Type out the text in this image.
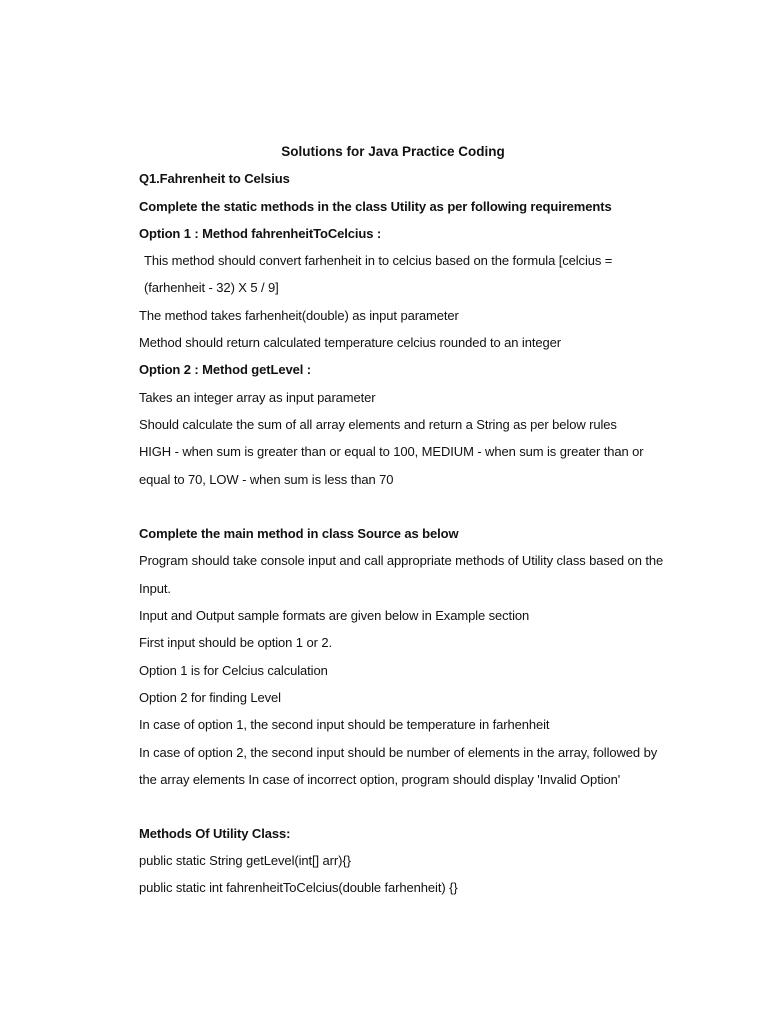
Solutions for Java Practice Coding
Q1.Fahrenheit to Celsius
Complete the static methods in the class Utility as per following requirements
Option 1 : Method fahrenheitToCelcius :
This method should convert farhenheit in to celcius based on the formula [celcius =
(farhenheit - 32) X 5 / 9]
The method takes farhenheit(double) as input parameter
Method should return calculated temperature celcius rounded to an integer
Option 2 : Method getLevel :
Takes an integer array as input parameter
Should calculate the sum of all array elements and return a String as per below rules
HIGH - when sum is greater than or equal to 100, MEDIUM - when sum is greater than or
equal to 70, LOW - when sum is less than 70
Complete the main method in class Source as below
Program should take console input and call appropriate methods of Utility class based on the
Input.
Input and Output sample formats are given below in Example section
First input should be option 1 or 2.
Option 1 is for Celcius calculation
Option 2 for finding Level
In case of option 1, the second input should be temperature in farhenheit
In case of option 2, the second input should be number of elements in the array, followed by
the array elements In case of incorrect option, program should display 'Invalid Option'
Methods Of Utility Class:
public static String getLevel(int[] arr){}
public static int fahrenheitToCelcius(double farhenheit) {}
